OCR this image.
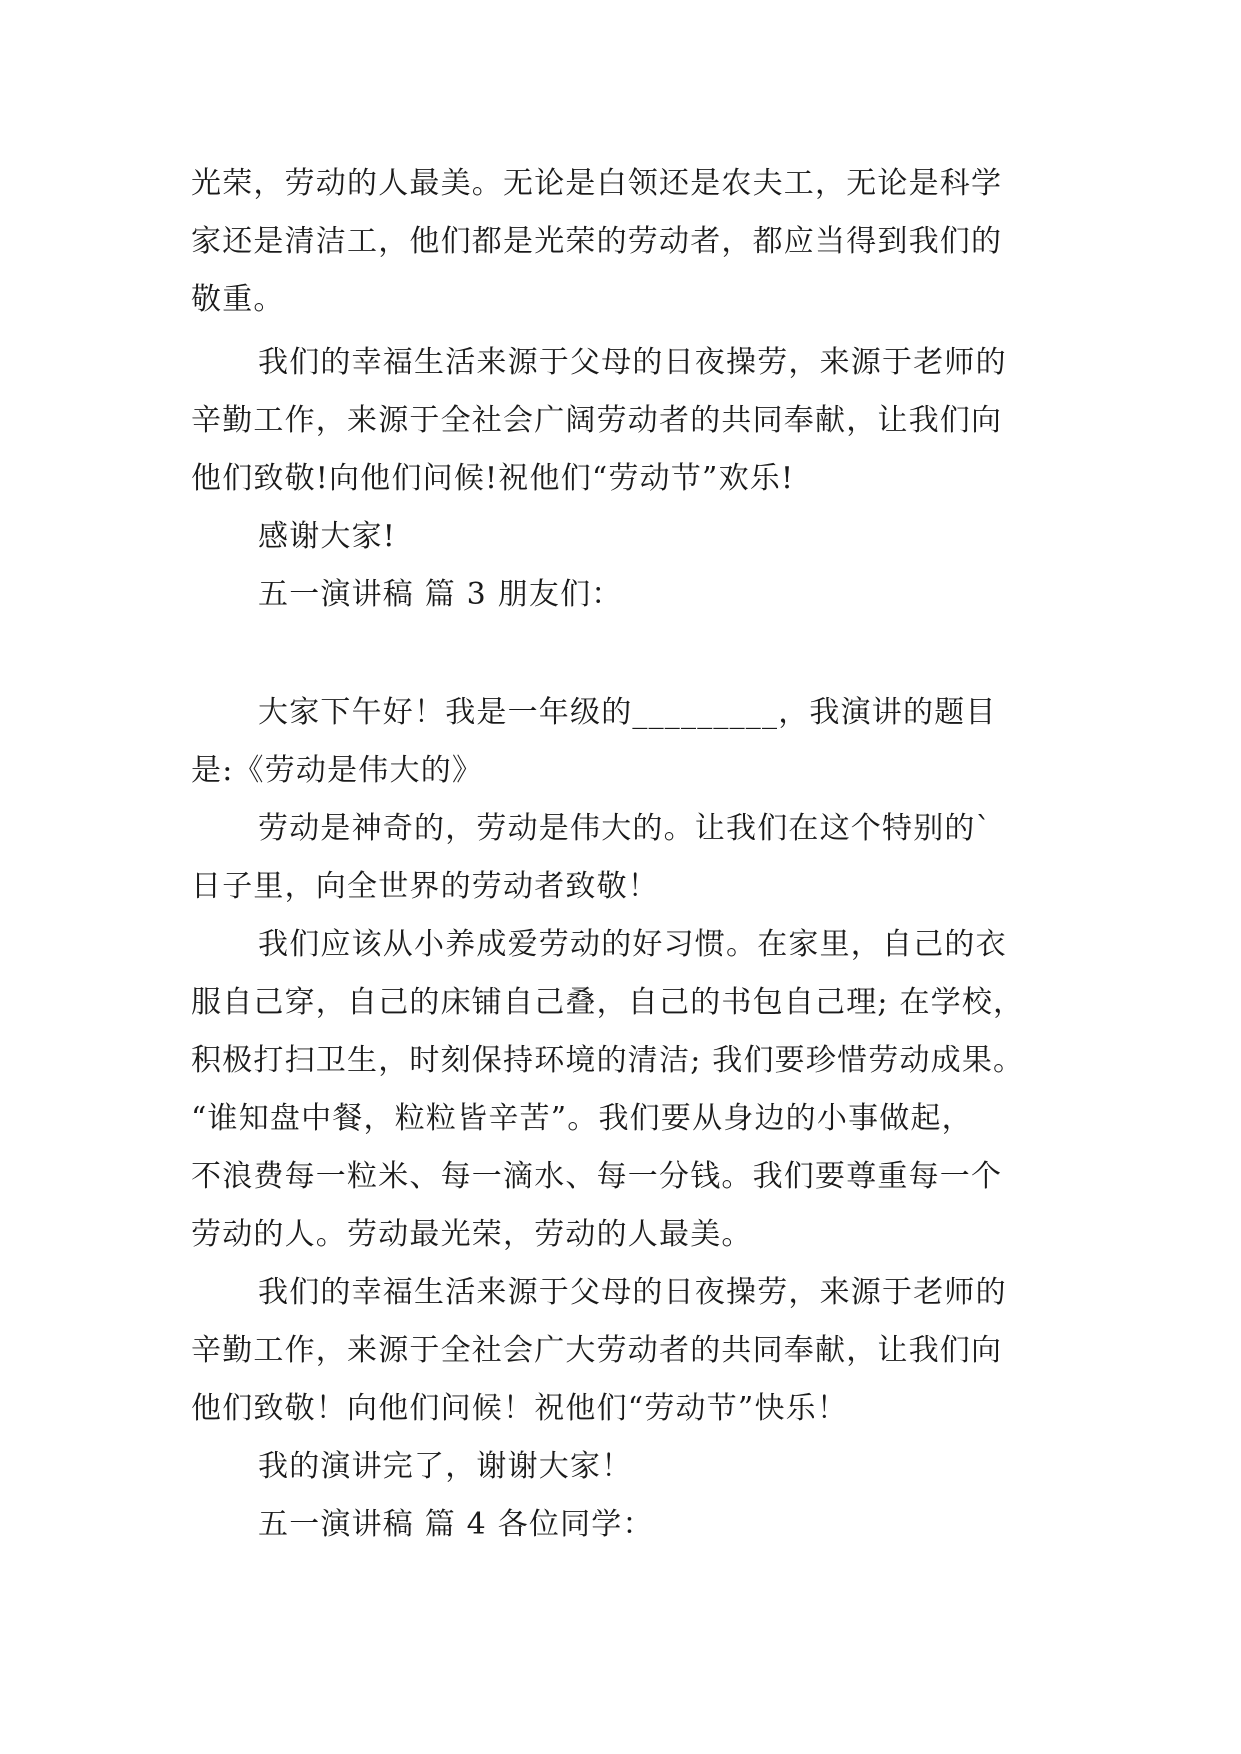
光荣，劳动的人最美。无论是白领还是农夫工，无论是科学
家还是清洁工，他们都是光荣的劳动者，都应当得到我们的
敬重。
我们的幸福生活来源于父母的日夜操劳，来源于老师的
辛勤工作，来源于全社会广阔劳动者的共同奉献，让我们向
他们致敬!向他们问候!祝他们“劳动节”欢乐!
感谢大家!
五一演讲稿 篇 3 朋友们：
大家下午好！我是一年级的_________，我演讲的题目
是:《劳动是伟大的》
劳动是神奇的，劳动是伟大的。让我们在这个特别的`
日子里，向全世界的劳动者致敬！
我们应该从小养成爱劳动的好习惯。在家里，自己的衣
服自己穿，自己的床铺自己叠，自己的书包自己理; 在学校，
积极打扫卫生，时刻保持环境的清洁; 我们要珍惜劳动成果。
“谁知盘中餐，粒粒皆辛苦”。我们要从身边的小事做起，
不浪费每一粒米、每一滴水、每一分钱。我们要尊重每一个
劳动的人。劳动最光荣，劳动的人最美。
我们的幸福生活来源于父母的日夜操劳，来源于老师的
辛勤工作，来源于全社会广大劳动者的共同奉献，让我们向
他们致敬！向他们问候！祝他们“劳动节”快乐！
我的演讲完了，谢谢大家！
五一演讲稿 篇 4 各位同学：
